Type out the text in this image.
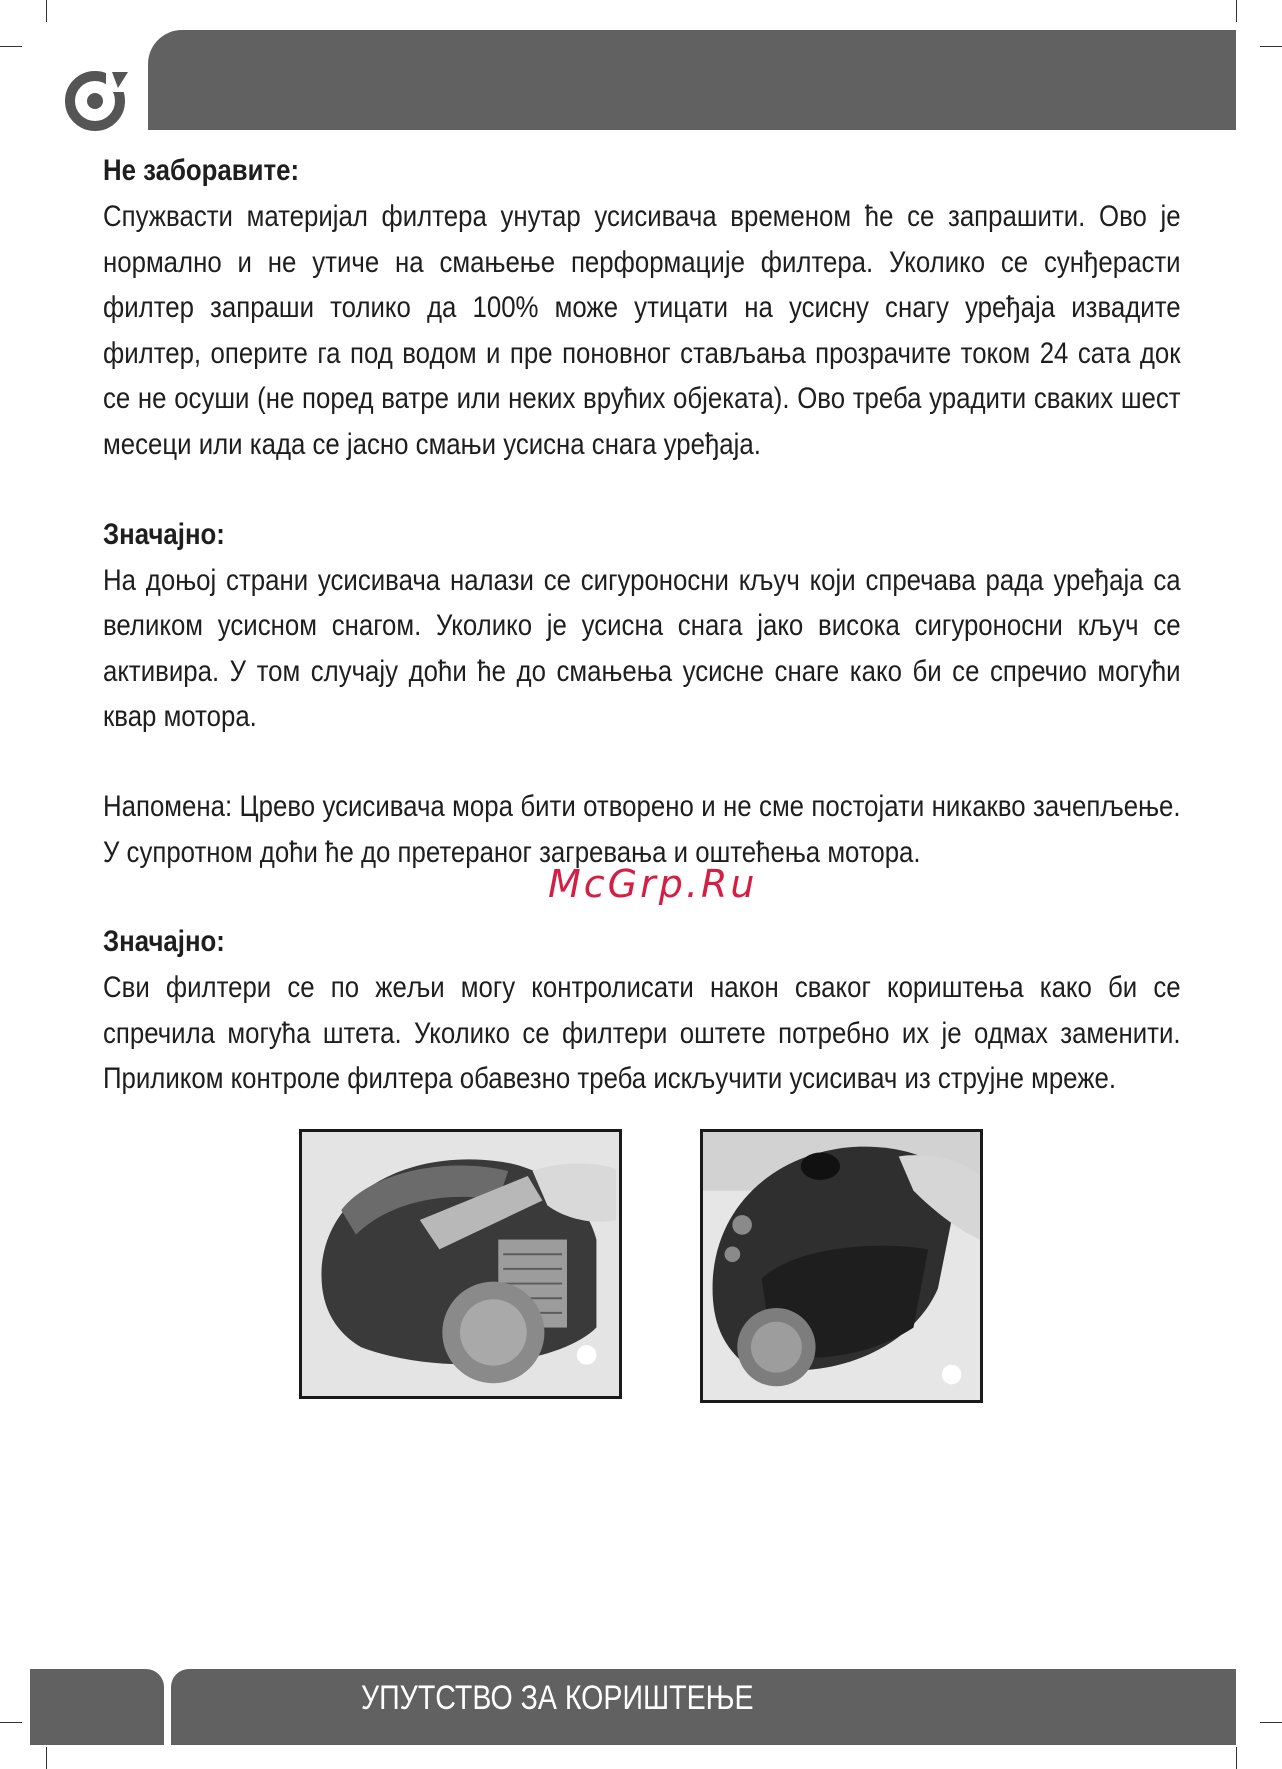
Не заборавите:
Спужвасти материјал филтера унутар усисивача временом ће се запрашити. Ово је нормално и не утиче на смањење перформације филтера. Уколико се сунђерасти филтер запраши толико да 100% може утицати на усисну снагу уређаја извадите филтер, оперите га под водом и пре поновног стављања прозрачите током 24 сата док се не осуши (не поред ватре или неких врућих објеката). Ово треба урадити сваких шест месеци или када се јасно смањи усисна снага уређаја.
Значајно:
На доњој страни усисивача налази се сигуроносни кључ који спречава рада уређаја са великом усисном снагом. Уколико је усисна снага јако висока сигуроносни кључ се активира. У том случају доћи ће до смањења усисне снаге како би се спречио могући квар мотора.
Напомена: Црево усисивача мора бити отворено и не сме постојати никакво зачепљење. У супротном доћи ће до претераног загревања и оштећења мотора.
Значајно:
Сви филтери се по жељи могу контролисати након сваког кориштења како би се спречила могућа штета. Уколико се филтери оштете потребно их је одмах заменити. Приликом контроле филтера обавезно треба искључити усисивач из струјне мреже.
McGrp.Ru
УПУТСТВО ЗА КОРИШТЕЊЕ
